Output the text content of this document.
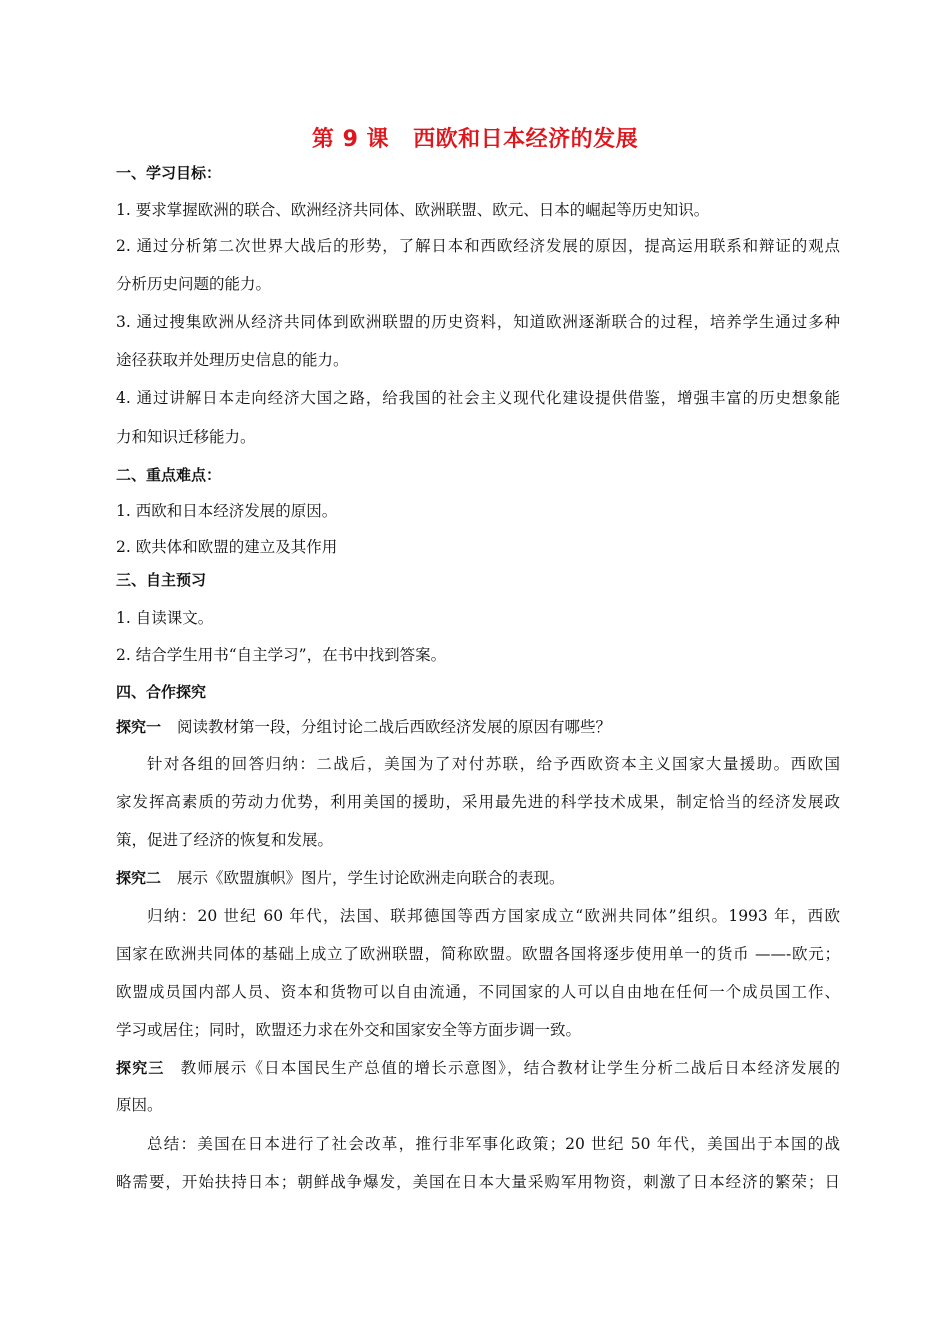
第 9 课 西欧和日本经济的发展
一、学习目标：
1. 要求掌握欧洲的联合、欧洲经济共同体、欧洲联盟、欧元、日本的崛起等历史知识。
2. 通过分析第二次世界大战后的形势，了解日本和西欧经济发展的原因，提高运用联系和辩证的观点
分析历史问题的能力。
3. 通过搜集欧洲从经济共同体到欧洲联盟的历史资料，知道欧洲逐渐联合的过程，培养学生通过多种
途径获取并处理历史信息的能力。
4. 通过讲解日本走向经济大国之路，给我国的社会主义现代化建设提供借鉴，增强丰富的历史想象能
力和知识迁移能力。
二、重点难点：
1. 西欧和日本经济发展的原因。
2. 欧共体和欧盟的建立及其作用
三、自主预习
1. 自读课文。
2. 结合学生用书“自主学习”，在书中找到答案。
四、合作探究
探究一 阅读教材第一段，分组讨论二战后西欧经济发展的原因有哪些？
针对各组的回答归纳：二战后，美国为了对付苏联，给予西欧资本主义国家大量援助。西欧国
家发挥高素质的劳动力优势，利用美国的援助，采用最先进的科学技术成果，制定恰当的经济发展政
策，促进了经济的恢复和发展。
探究二 展示《欧盟旗帜》图片，学生讨论欧洲走向联合的表现。
归纳：20 世纪 60 年代，法国、联邦德国等西方国家成立“欧洲共同体”组织。1993 年，西欧
国家在欧洲共同体的基础上成立了欧洲联盟，简称欧盟。欧盟各国将逐步使用单一的货币 ——-欧元；
欧盟成员国内部人员、资本和货物可以自由流通，不同国家的人可以自由地在任何一个成员国工作、
学习或居住；同时，欧盟还力求在外交和国家安全等方面步调一致。
探究三 教师展示《日本国民生产总值的增长示意图》，结合教材让学生分析二战后日本经济发展的
原因。
总结：美国在日本进行了社会改革，推行非军事化政策；20 世纪 50 年代，美国出于本国的战
略需要，开始扶持日本；朝鲜战争爆发，美国在日本大量采购军用物资，刺激了日本经济的繁荣；日
